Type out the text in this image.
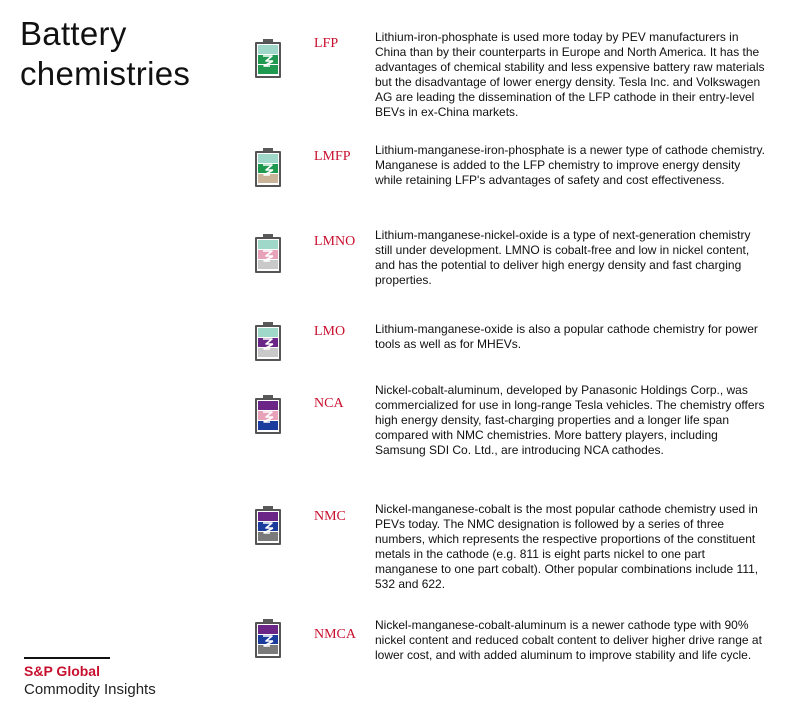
Battery chemistries
LFP	Lithium-iron-phosphate is used more today by PEV manufacturers in China than by their counterparts in Europe and North America. It has the advantages of chemical stability and less expensive battery raw materials but the disadvantage of lower energy density. Tesla Inc. and Volkswagen AG are leading the dissemination of the LFP cathode in their entry-level BEVs in ex-China markets.
LMFP Lithium-manganese-iron-phosphate is a newer type of cathode chemistry. Manganese is added to the LFP chemistry to improve energy density while retaining LFP's advantages of safety and cost effectiveness.
LMNO Lithium-manganese-nickel-oxide is a type of next-generation chemistry still under development. LMNO is cobalt-free and low in nickel content, and has the potential to deliver high energy density and fast charging properties.
LMO Lithium-manganese-oxide is also a popular cathode chemistry for power tools as well as for MHEVs.
NCA
Nickel-cobalt-aluminum, developed by Panasonic Holdings Corp., was commercialized for use in long-range Tesla vehicles. The chemistry offers high energy density, fast-charging properties and a longer life span compared with NMC chemistries. More battery players, including Samsung SDI Co. Ltd., are introducing NCA cathodes.
NMC Nickel-manganese-cobalt is the most popular cathode chemistry used in PEVs today. The NMC designation is followed by a series of three numbers, which represents the respective proportions of the constituent metals in the cathode (e.g. 811 is eight parts nickel to one part manganese to one part cobalt). Other popular combinations include 111, 532 and 622.
NMCA
Nickel-manganese-cobalt-aluminum is a newer cathode type with 90% nickel content and reduced cobalt content to deliver higher drive range at lower cost, and with added aluminum to improve stability and life cycle.
S&P Global
Commodity Insights
